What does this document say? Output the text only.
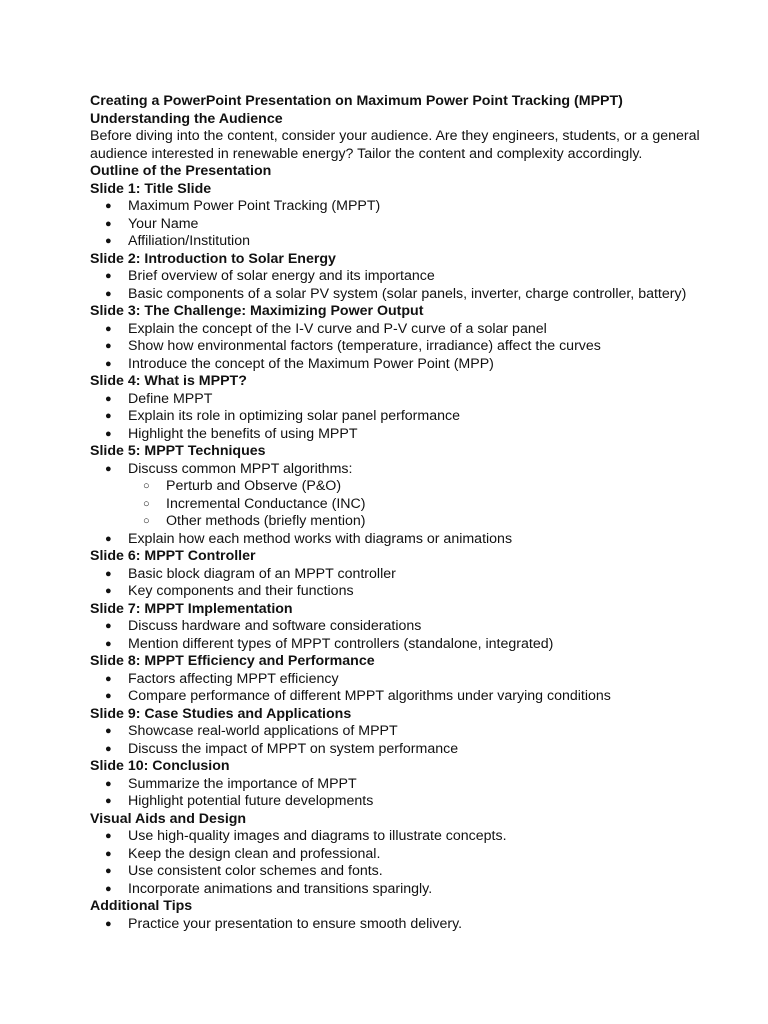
Creating a PowerPoint Presentation on Maximum Power Point Tracking (MPPT)
Understanding the Audience

Before diving into the content, consider your audience. Are they engineers, students, or a general audience interested in renewable energy? Tailor the content and complexity accordingly.

Outline of the Presentation
Slide 1: Title Slide
● Maximum Power Point Tracking (MPPT)
● Your Name
● Affiliation/Institution
Slide 2: Introduction to Solar Energy
● Brief overview of solar energy and its importance
● Basic components of a solar PV system (solar panels, inverter, charge controller, battery)
Slide 3: The Challenge: Maximizing Power Output
● Explain the concept of the I-V curve and P-V curve of a solar panel
● Show how environmental factors (temperature, irradiance) affect the curves
● Introduce the concept of the Maximum Power Point (MPP)
Slide 4: What is MPPT?
● Define MPPT
● Explain its role in optimizing solar panel performance
● Highlight the benefits of using MPPT
Slide 5: MPPT Techniques
● Discuss common MPPT algorithms:
○ Perturb and Observe (P&O)
○ Incremental Conductance (INC)
○ Other methods (briefly mention)
● Explain how each method works with diagrams or animations
Slide 6: MPPT Controller
● Basic block diagram of an MPPT controller
● Key components and their functions
Slide 7: MPPT Implementation
● Discuss hardware and software considerations
● Mention different types of MPPT controllers (standalone, integrated)
Slide 8: MPPT Efficiency and Performance
● Factors affecting MPPT efficiency
● Compare performance of different MPPT algorithms under varying conditions
Slide 9: Case Studies and Applications
● Showcase real-world applications of MPPT
● Discuss the impact of MPPT on system performance
Slide 10: Conclusion
● Summarize the importance of MPPT
● Highlight potential future developments
Visual Aids and Design
● Use high-quality images and diagrams to illustrate concepts.
● Keep the design clean and professional.
● Use consistent color schemes and fonts.
● Incorporate animations and transitions sparingly.
Additional Tips
● Practice your presentation to ensure smooth delivery.
